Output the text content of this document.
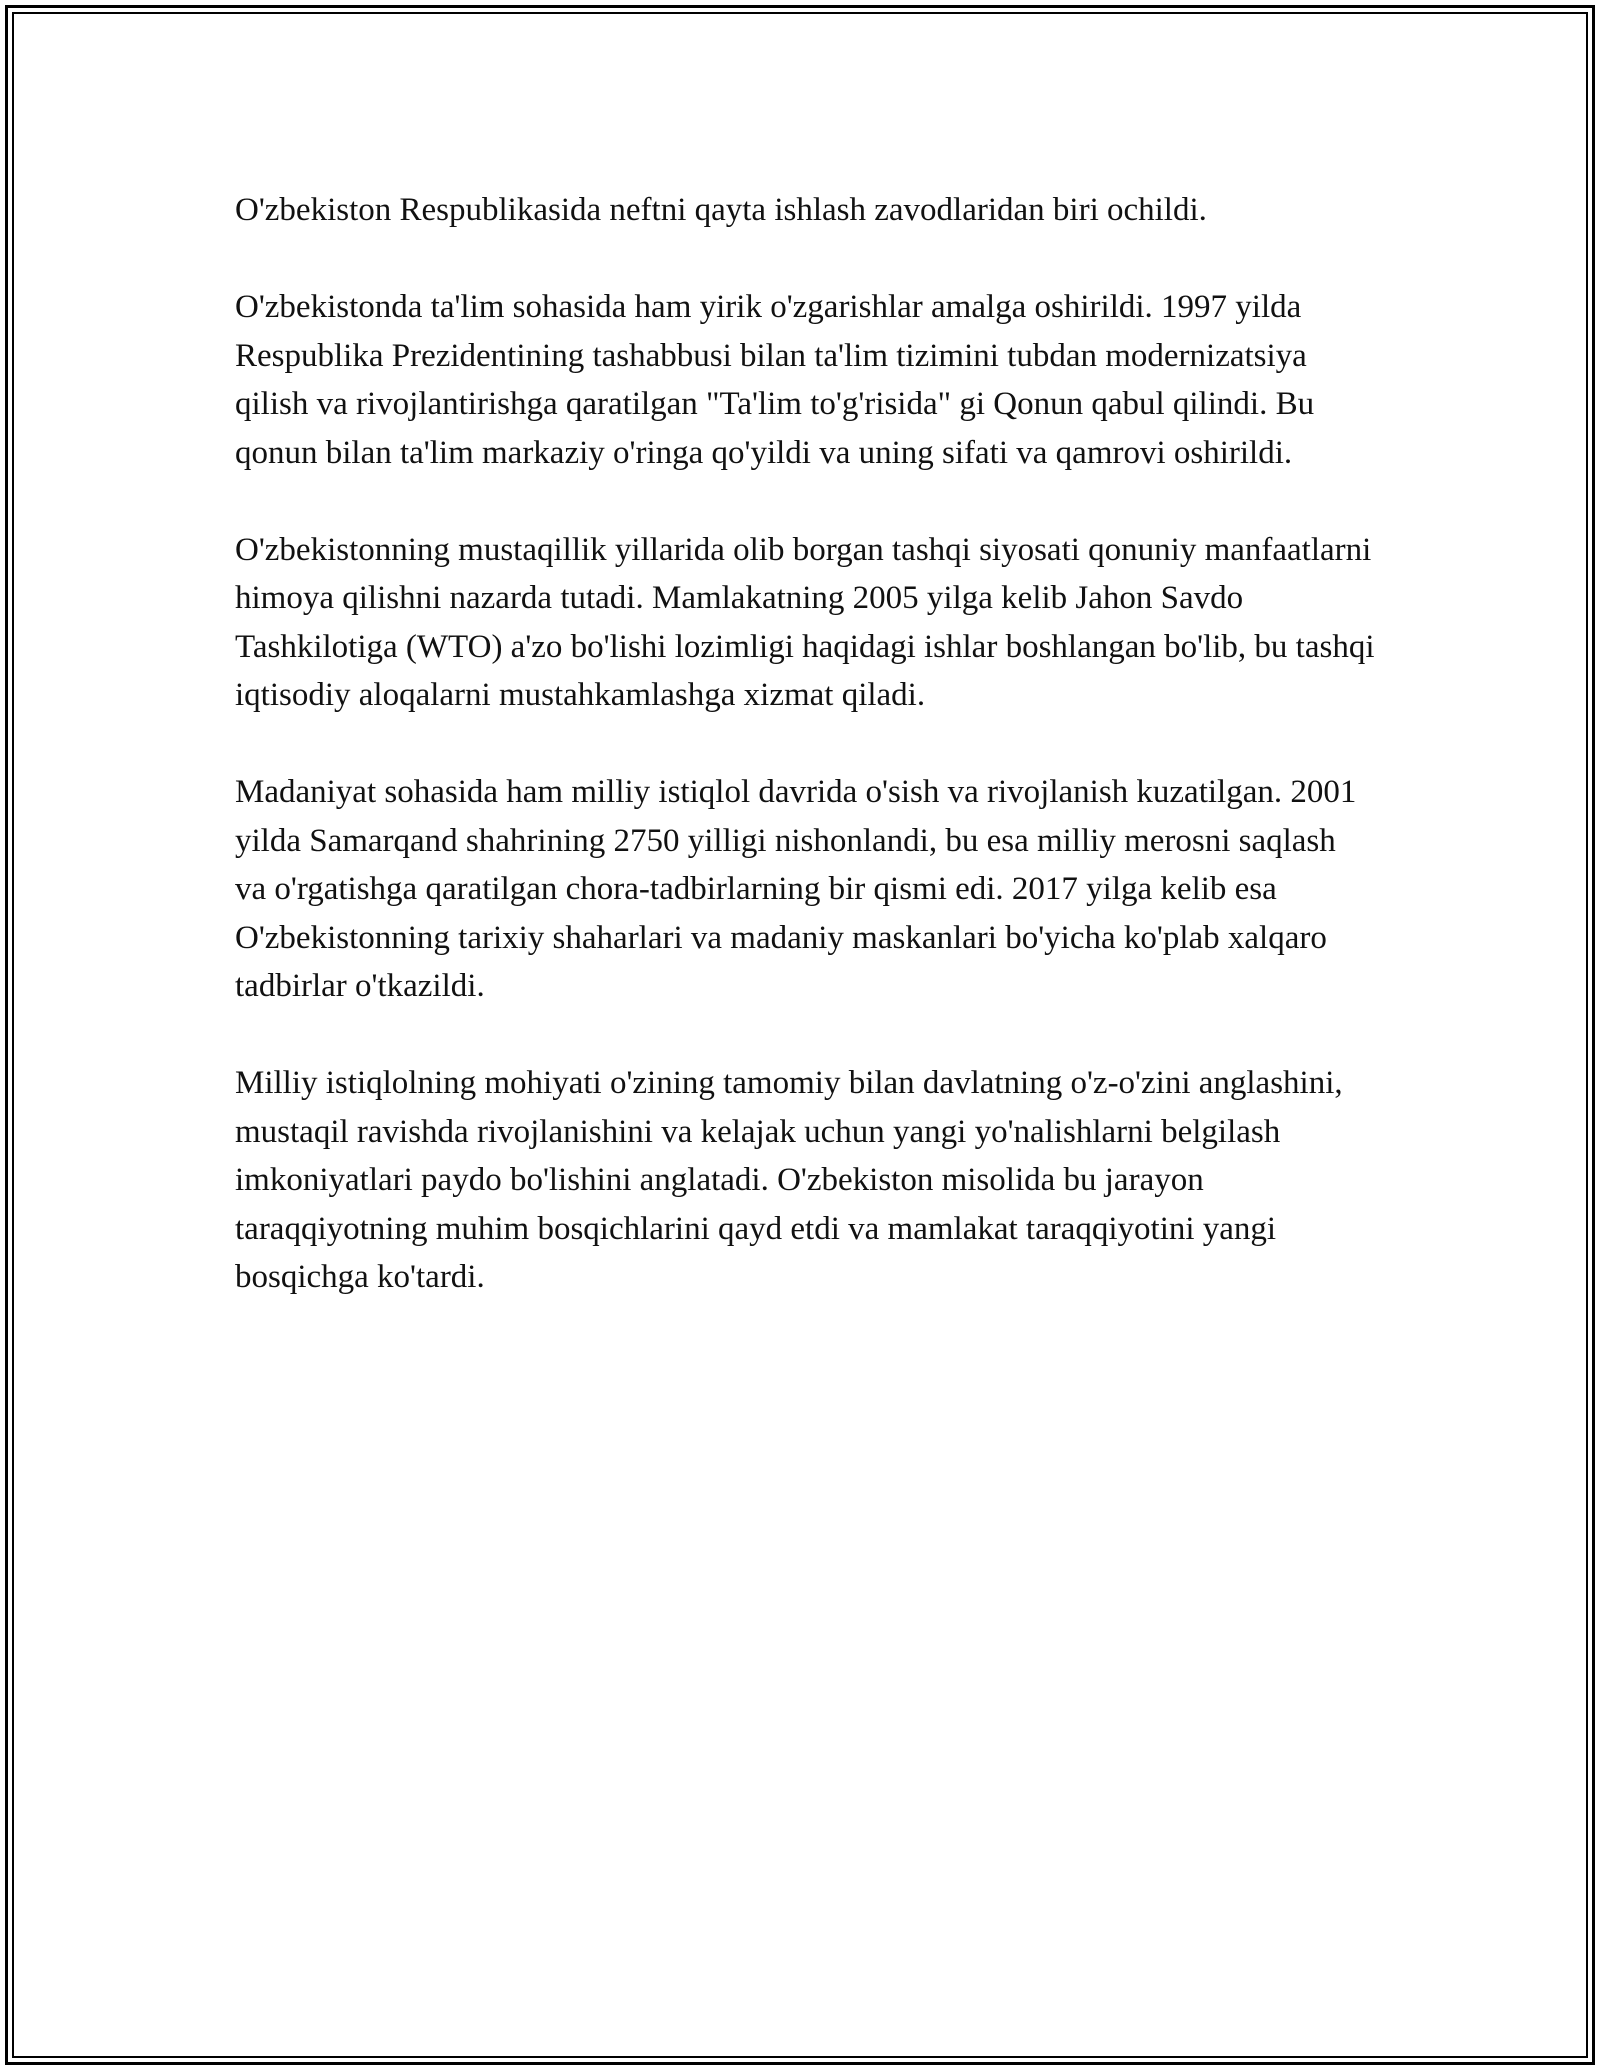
O'zbekiston Respublikasida neftni qayta ishlash zavodlaridan biri ochildi.

O'zbekistonda ta'lim sohasida ham yirik o'zgarishlar amalga oshirildi. 1997 yilda Respublika Prezidentining tashabbusi bilan ta'lim tizimini tubdan modernizatsiya qilish va rivojlantirishga qaratilgan "Ta'lim to'g'risida" gi Qonun qabul qilindi. Bu qonun bilan ta'lim markaziy o'ringa qo'yildi va uning sifati va qamrovi oshirildi.

O'zbekistonning mustaqillik yillarida olib borgan tashqi siyosati qonuniy manfaatlarni himoya qilishni nazarda tutadi. Mamlakatning 2005 yilga kelib Jahon Savdo Tashkilotiga (WTO) a'zo bo'lishi lozimligi haqidagi ishlar boshlangan bo'lib, bu tashqi iqtisodiy aloqalarni mustahkamlashga xizmat qiladi.

Madaniyat sohasida ham milliy istiqlol davrida o'sish va rivojlanish kuzatilgan. 2001 yilda Samarqand shahrining 2750 yilligi nishonlandi, bu esa milliy merosni saqlash va o'rgatishga qaratilgan chora-tadbirlarning bir qismi edi. 2017 yilga kelib esa O'zbekistonning tarixiy shaharlari va madaniy maskanlari bo'yicha ko'plab xalqaro tadbirlar o'tkazildi.

Milliy istiqlolning mohiyati o'zining tamomiy bilan davlatning o'z-o'zini anglashini, mustaqil ravishda rivojlanishini va kelajak uchun yangi yo'nalishlarni belgilash imkoniyatlari paydo bo'lishini anglatadi. O'zbekiston misolida bu jarayon taraqqiyotning muhim bosqichlarini qayd etdi va mamlakat taraqqiyotini yangi bosqichga ko'tardi.
